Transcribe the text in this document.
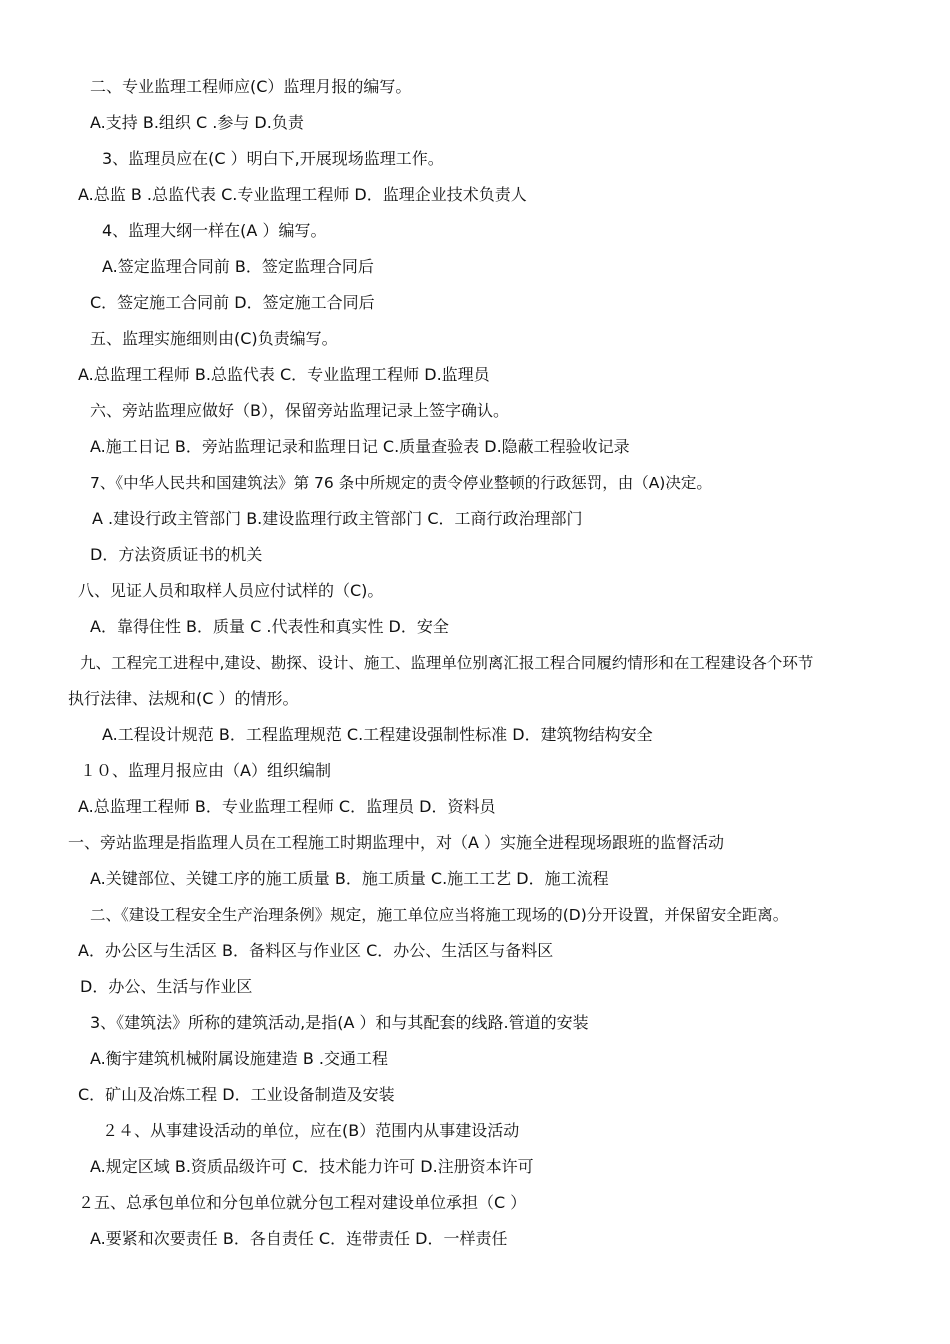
二、专业监理工程师应(C）监理月报的编写。
A.支持 B.组织 C .参与 D.负责
3、监理员应在(C ）明白下,开展现场监理工作。
A.总监 B .总监代表 C.专业监理工程师 D．监理企业技术负责人
4、监理大纲一样在(A ）编写。
A.签定监理合同前 B．签定监理合同后
C．签定施工合同前 D．签定施工合同后
五、监理实施细则由(C)负责编写。
A.总监理工程师 B.总监代表 C．专业监理工程师 D.监理员
六、旁站监理应做好（B），保留旁站监理记录上签字确认。
A.施工日记 B．旁站监理记录和监理日记 C.质量查验表 D.隐蔽工程验收记录
7、《中华人民共和国建筑法》第 76 条中所规定的责令停业整顿的行政惩罚，由（A)决定。
A .建设行政主管部门 B.建设监理行政主管部门 C．工商行政治理部门
D．方法资质证书的机关
八、见证人员和取样人员应付试样的（C)。
A．靠得住性 B．质量 C .代表性和真实性 D．安全
九、工程完工进程中,建设、勘探、设计、施工、监理单位别离汇报工程合同履约情形和在工程建设各个环节
执行法律、法规和(C ）的情形。
A.工程设计规范 B．工程监理规范 C.工程建设强制性标准 D．建筑物结构安全
１０、监理月报应由（A）组织编制
A.总监理工程师 B．专业监理工程师 C．监理员 D．资料员
一、旁站监理是指监理人员在工程施工时期监理中，对（A ）实施全进程现场跟班的监督活动
A.关键部位、关键工序的施工质量 B．施工质量 C.施工工艺 D．施工流程
二、《建设工程安全生产治理条例》规定，施工单位应当将施工现场的(D)分开设置，并保留安全距离。
A．办公区与生活区 B．备料区与作业区 C．办公、生活区与备料区
D．办公、生活与作业区
3、《建筑法》所称的建筑活动,是指(A ）和与其配套的线路.管道的安装
A.衡宇建筑机械附属设施建造 B .交通工程
C．矿山及冶炼工程 D．工业设备制造及安装
２４、从事建设活动的单位，应在(B）范围内从事建设活动
A.规定区域 B.资质品级许可 C．技术能力许可 D.注册资本许可
２五、总承包单位和分包单位就分包工程对建设单位承担（C ）
A.要紧和次要责任 B．各自责任 C．连带责任 D．一样责任
